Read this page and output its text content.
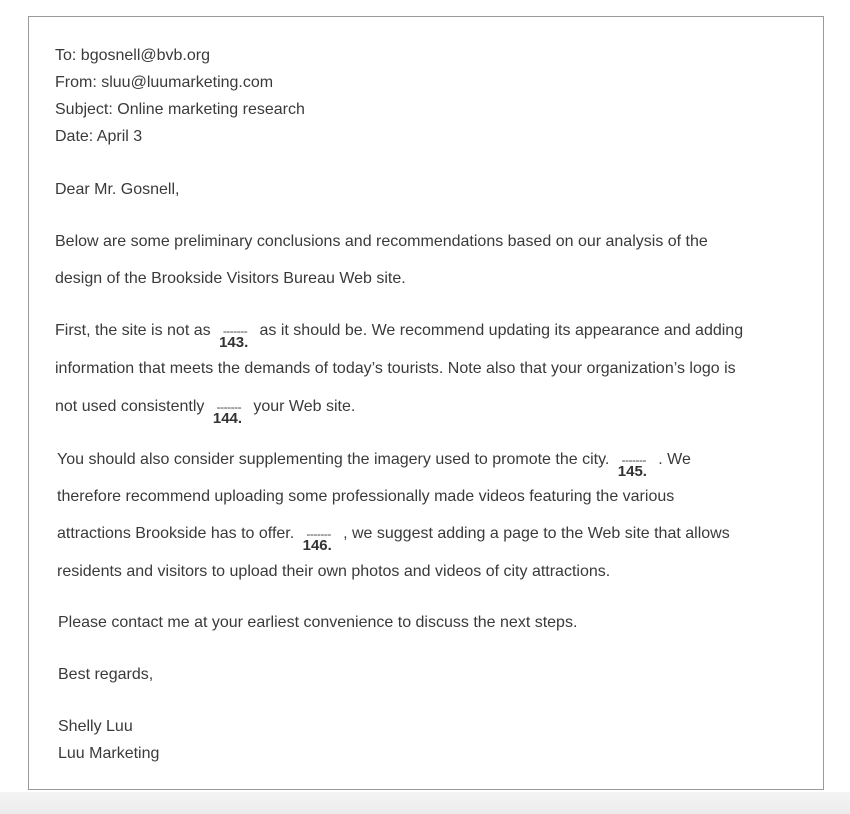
To: bgosnell@bvb.org
From: sluu@luumarketing.com
Subject: Online marketing research
Date: April 3
Dear Mr. Gosnell,
Below are some preliminary conclusions and recommendations based on our analysis of the
design of the Brookside Visitors Bureau Web site.
First, the site is not as	-------
143.
as it should be. We recommend updating its appearance and adding
information that meets the demands of today’s tourists. Note also that your organization’s logo is
not used consistently	-------
144.
your Web site.
You should also consider supplementing the imagery used to promote the city.	-------
145.
. We
therefore recommend uploading some professionally made videos featuring the various
attractions Brookside has to offer.	-------
146.
, we suggest adding a page to the Web site that allows
residents and visitors to upload their own photos and videos of city attractions.
Please contact me at your earliest convenience to discuss the next steps.
Best regards,
Shelly Luu
Luu Marketing
